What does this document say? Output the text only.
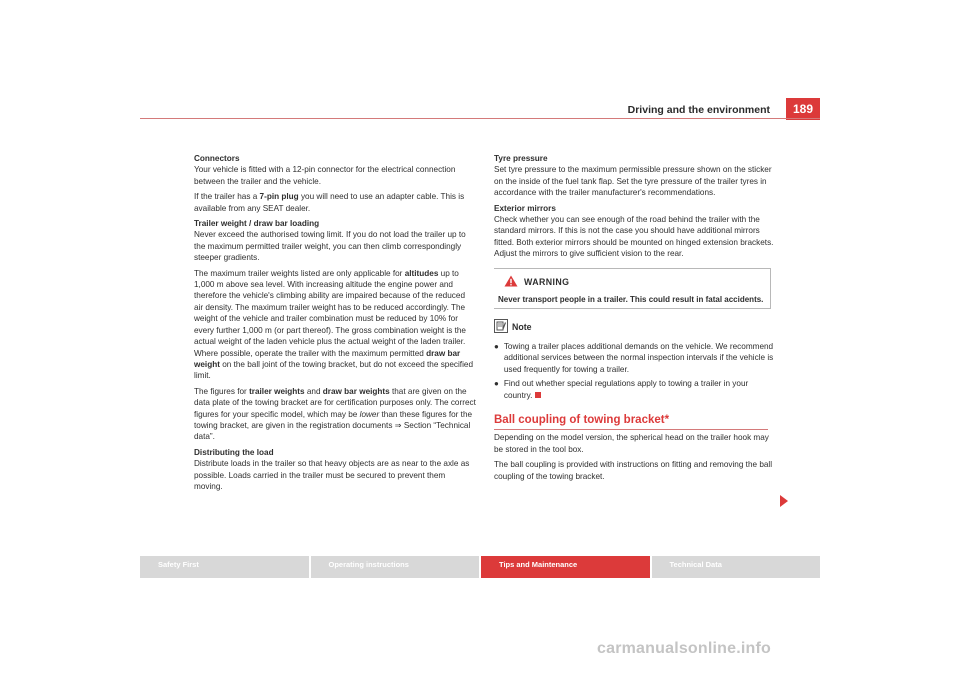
Driving and the environment	189
Connectors

Your vehicle is fitted with a 12-pin connector for the electrical connection between the trailer and the vehicle.

If the trailer has a 7-pin plug you will need to use an adapter cable. This is available from any SEAT dealer.

Trailer weight / draw bar loading

Never exceed the authorised towing limit. If you do not load the trailer up to the maximum permitted trailer weight, you can then climb correspondingly steeper gradients.

The maximum trailer weights listed are only applicable for altitudes up to 1,000 m above sea level. With increasing altitude the engine power and therefore the vehicle's climbing ability are impaired because of the reduced air density. The maximum trailer weight has to be reduced accordingly. The weight of the vehicle and trailer combination must be reduced by 10% for every further 1,000 m (or part thereof). The gross combination weight is the actual weight of the laden vehicle plus the actual weight of the laden trailer. Where possible, operate the trailer with the maximum permitted draw bar weight on the ball joint of the towing bracket, but do not exceed the specified limit.

The figures for trailer weights and draw bar weights that are given on the data plate of the towing bracket are for certification purposes only. The correct figures for your specific model, which may be lower than these figures for the towing bracket, are given in the registration documents ⇒ Section “Technical data”.

Distributing the load

Distribute loads in the trailer so that heavy objects are as near to the axle as possible. Loads carried in the trailer must be secured to prevent them moving.

Tyre pressure

Set tyre pressure to the maximum permissible pressure shown on the sticker on the inside of the fuel tank flap. Set the tyre pressure of the trailer tyres in accordance with the trailer manufacturer's recommendations.

Exterior mirrors

Check whether you can see enough of the road behind the trailer with the standard mirrors. If this is not the case you should have additional mirrors fitted. Both exterior mirrors should be mounted on hinged extension brackets. Adjust the mirrors to give sufficient vision to the rear.

WARNING
Never transport people in a trailer. This could result in fatal accidents.
Note
● Towing a trailer places additional demands on the vehicle. We recommend additional services between the normal inspection intervals if the vehicle is used frequently for towing a trailer.
● Find out whether special regulations apply to towing a trailer in your country.
Ball coupling of towing bracket*

Depending on the model version, the spherical head on the trailer hook may be stored in the tool box.

The ball coupling is provided with instructions on fitting and removing the ball coupling of the towing bracket.

Safety First	Operating instructions	Tips and Maintenance	Technical Data
carmanualsonline.info
